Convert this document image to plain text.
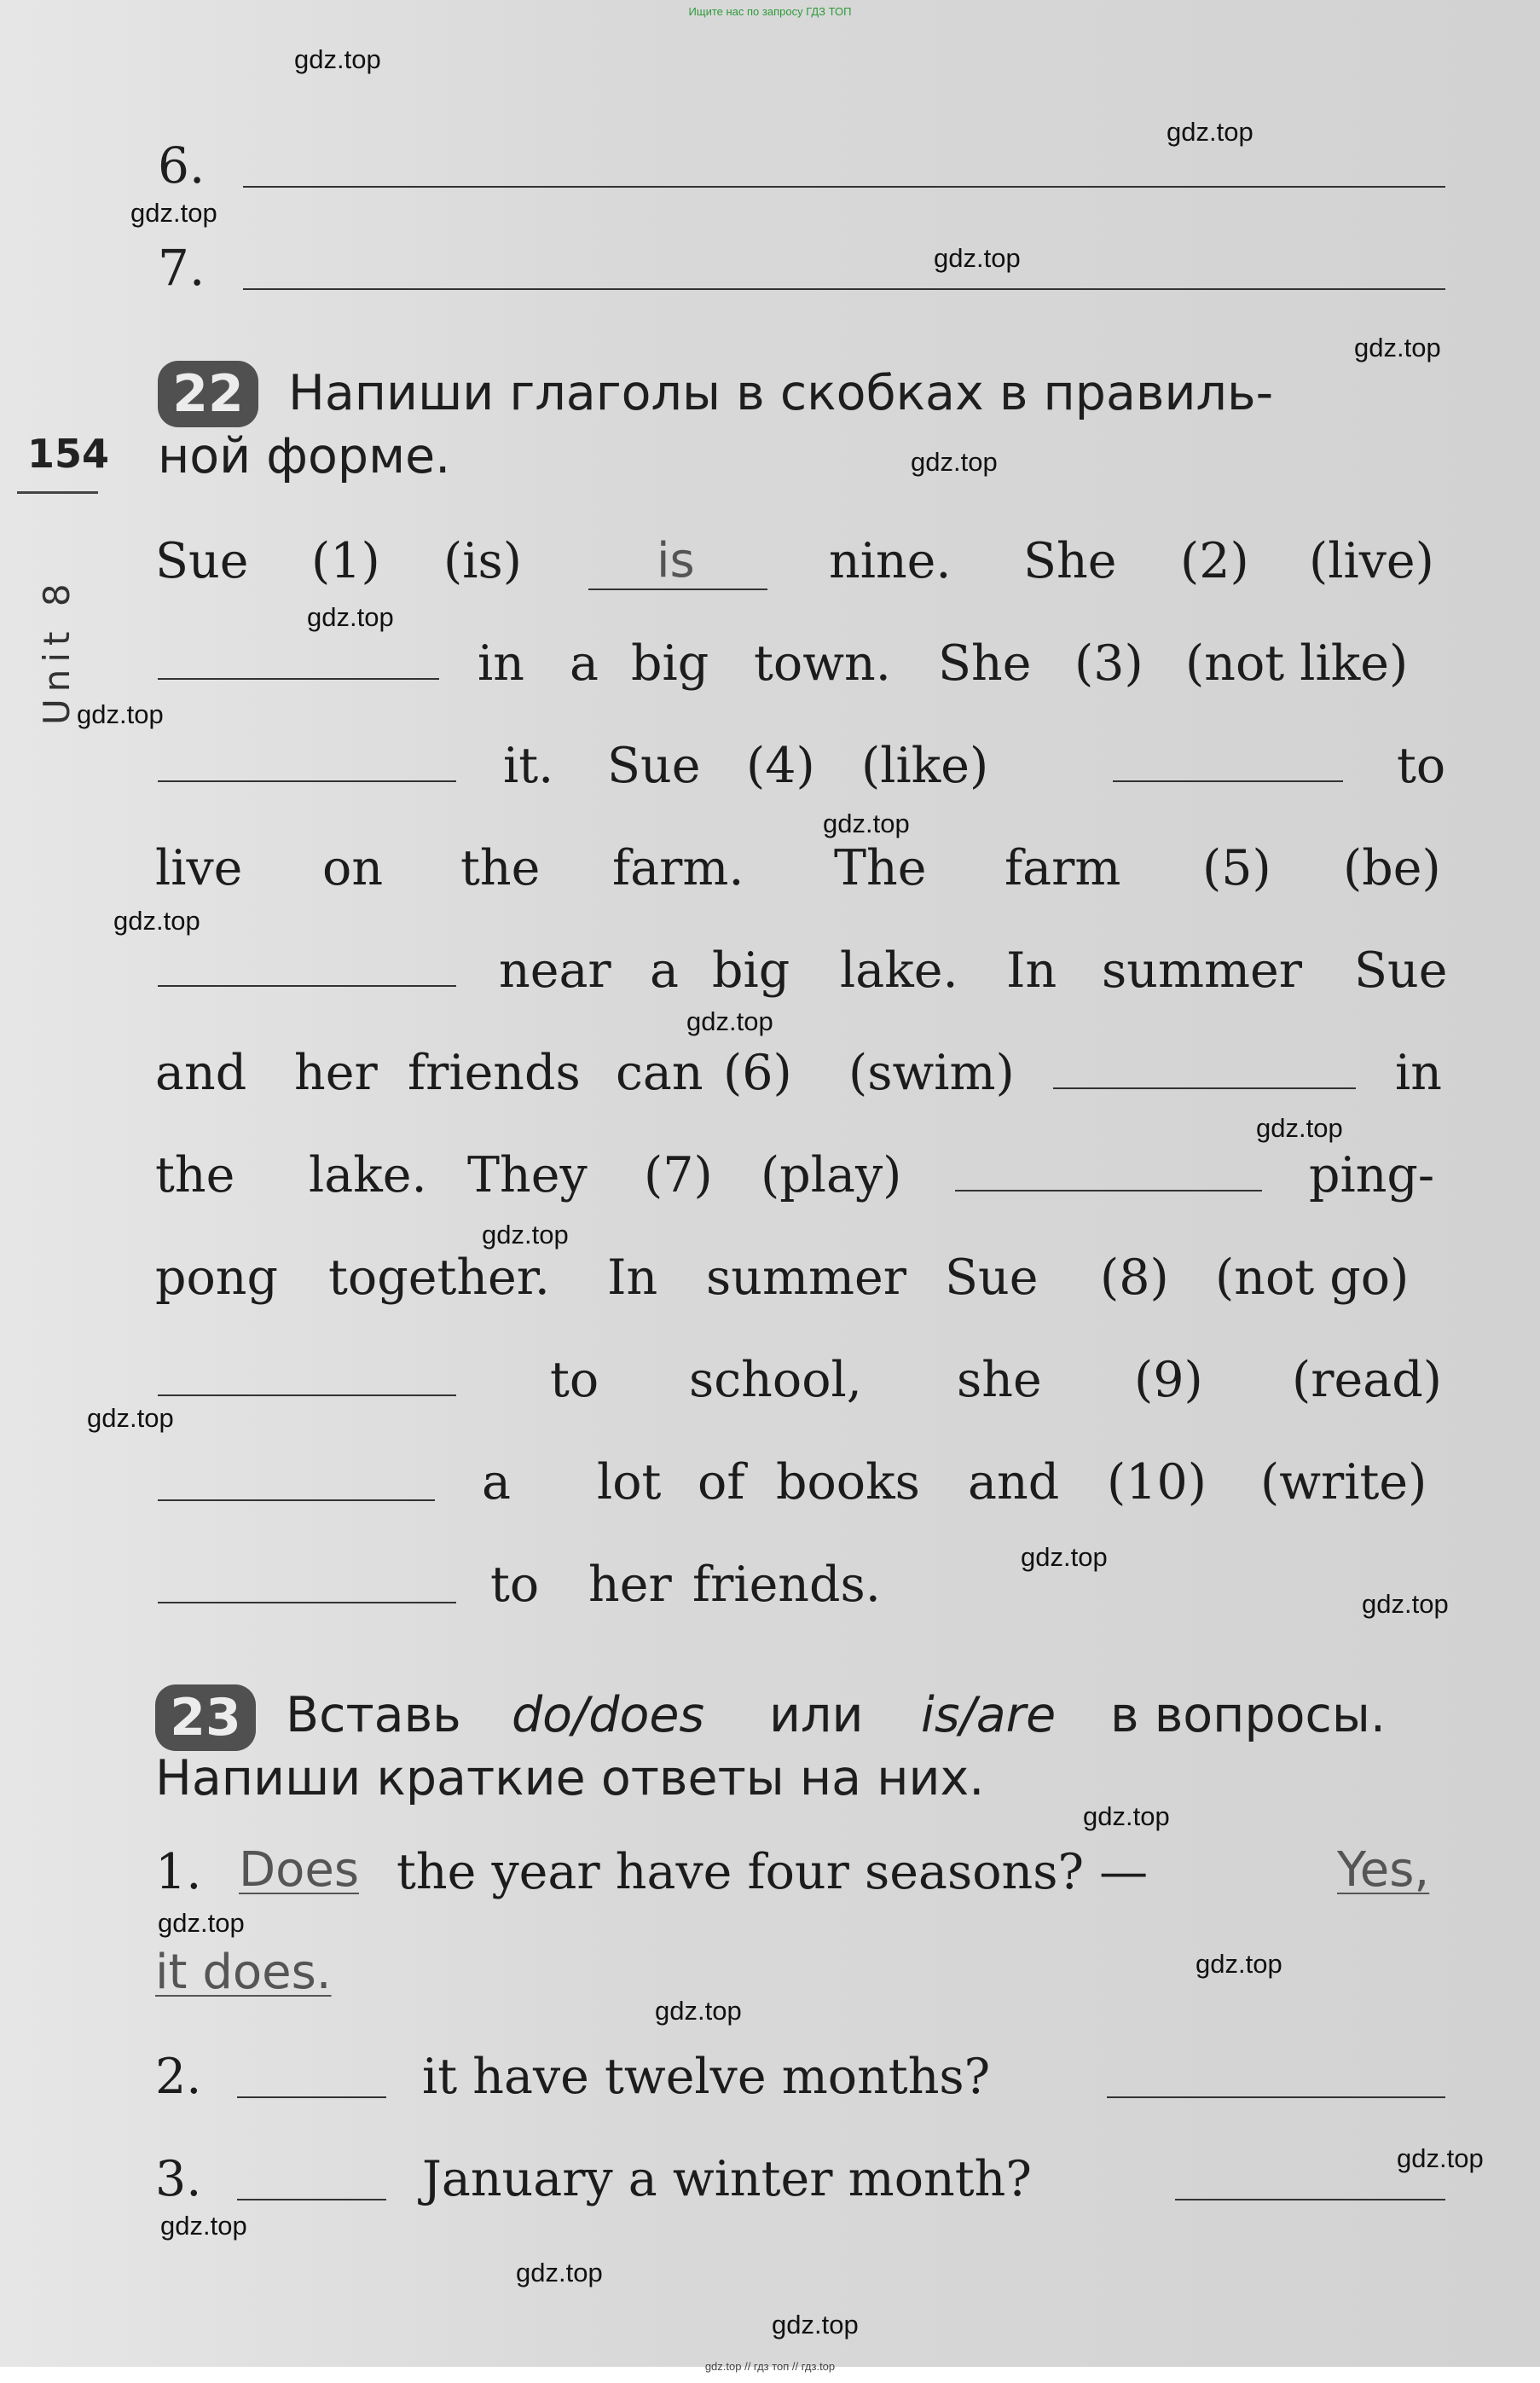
Ищите нас по запросу ГДЗ ТОП
6.
7.
154
Unit 8
22 Напиши глаголы в скобках в правиль-
ной форме.
Sue (1) (is)	is	nine. She (2) (live)
in a big town. She (3) (not like)
it. Sue (4) (like)	to
live on the farm. The farm (5) (be)
near a big lake. In summer Sue
and her friends can (6) (swim)	in
the lake. They (7) (play)	ping-
pong together. In summer Sue (8) (not go)
to school, she (9) (read)
a lot of books and (10) (write)
to her friends.
23 Вставь do/does или is/are в вопросы.
Напиши краткие ответы на них.
1. Does the year have four seasons? —	Yes,
it does.
2.	it have twelve months?
3.	January a winter month?
gdz.top
gdz.top
gdz.top
gdz.top
gdz.top
gdz.top
gdz.top
gdz.top
gdz.top
gdz.top
gdz.top
gdz.top
gdz.top
gdz.top
gdz.top
gdz.top
gdz.top
gdz.top
gdz.top
gdz.top
gdz.top
gdz.top
gdz.top
gdz.top
gdz.top // гдз топ // гдз.top
